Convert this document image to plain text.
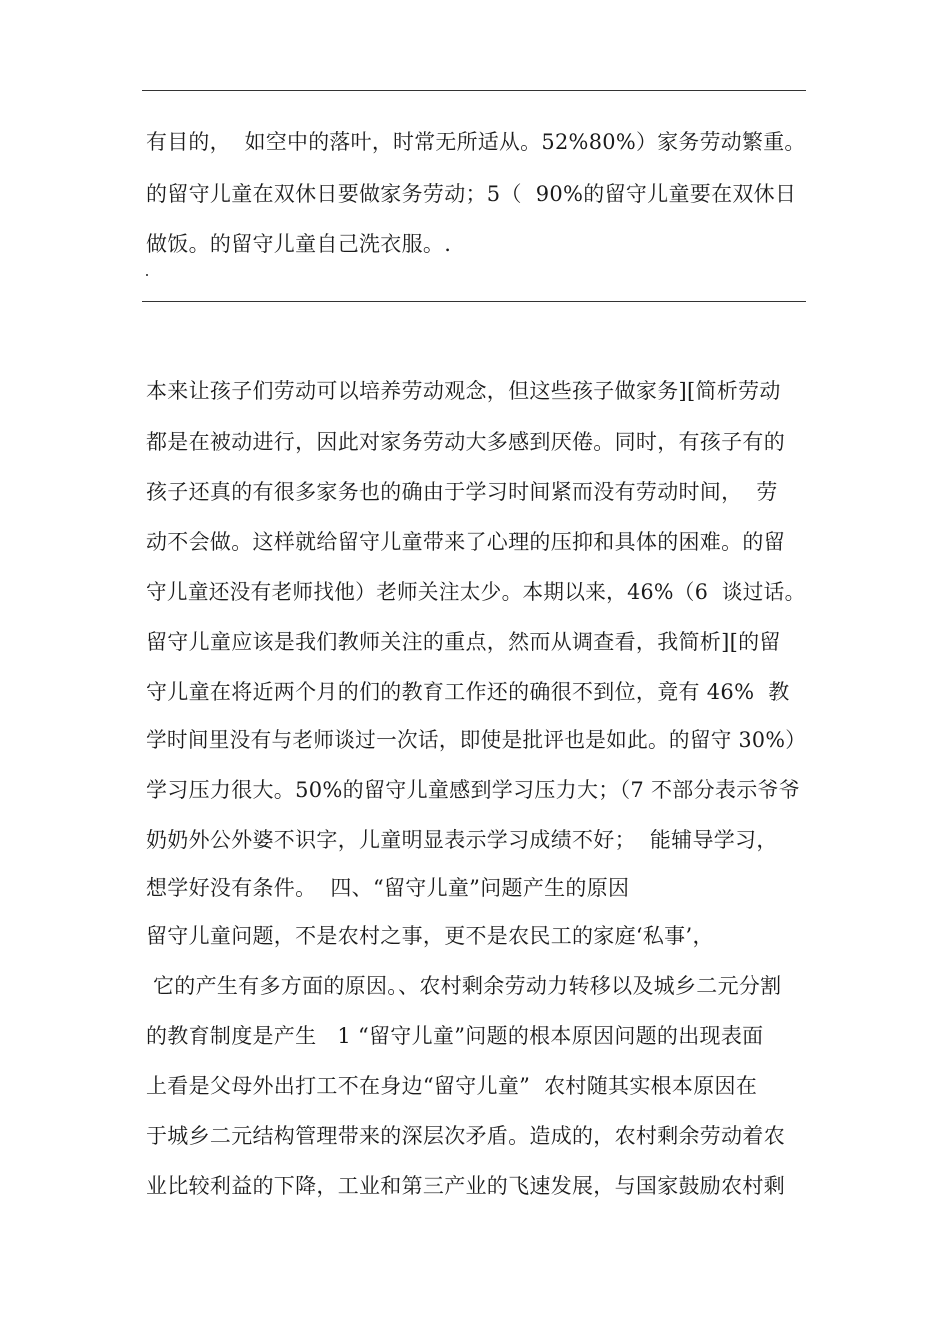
有目的，  如空中的落叶，时常无所适从。52%80%）家务劳动繁重。
的留守儿童在双休日要做家务劳动；5（  90%的留守儿童要在双休日
做饭。的留守儿童自己洗衣服。.
本来让孩子们劳动可以培养劳动观念，但这些孩子做家务][简析劳动
都是在被动进行，因此对家务劳动大多感到厌倦。同时，有孩子有的
孩子还真的有很多家务也的确由于学习时间紧而没有劳动时间，  劳
动不会做。这样就给留守儿童带来了心理的压抑和具体的困难。的留
守儿童还没有老师找他）老师关注太少。本期以来，46%（6  谈过话。
留守儿童应该是我们教师关注的重点，然而从调查看，我简析][的留
守儿童在将近两个月的们的教育工作还的确很不到位，竟有 46%  教
学时间里没有与老师谈过一次话，即使是批评也是如此。的留守 30%）
学习压力很大。50%的留守儿童感到学习压力大；（7 不部分表示爷爷
奶奶外公外婆不识字，儿童明显表示学习成绩不好；  能辅导学习，
想学好没有条件。  四、“留守儿童”问题产生的原因
留守儿童问题，不是农村之事，更不是农民工的家庭‘私事’，
它的产生有多方面的原因。、农村剩余劳动力转移以及城乡二元分割
的教育制度是产生   1 “留守儿童”问题的根本原因问题的出现表面
上看是父母外出打工不在身边“留守儿童”  农村随其实根本原因在
于城乡二元结构管理带来的深层次矛盾。造成的，农村剩余劳动着农
业比较利益的下降，工业和第三产业的飞速发展，与国家鼓励农村剩
